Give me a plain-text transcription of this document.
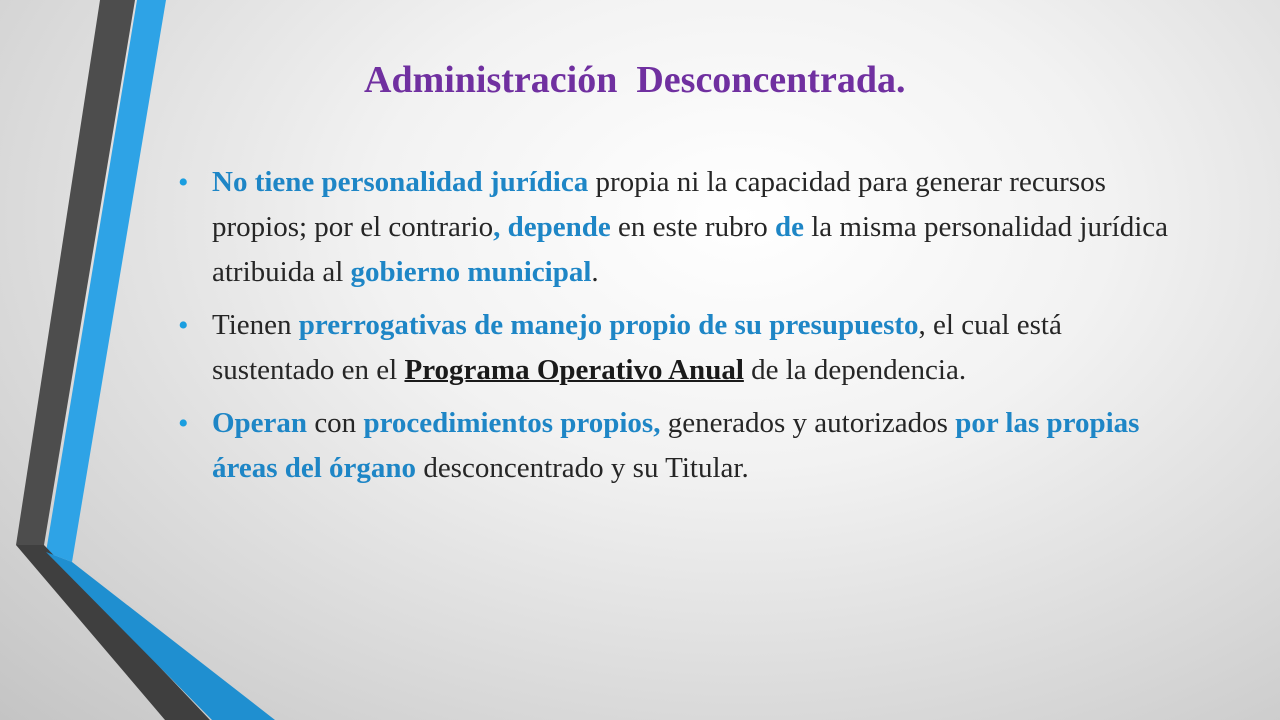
Administración  Desconcentrada.
• No tiene personalidad jurídica propia ni la capacidad para generar recursos propios; por el contrario, depende en este rubro de la misma personalidad jurídica atribuida al gobierno municipal.
• Tienen prerrogativas de manejo propio de su presupuesto, el cual está sustentado en el Programa Operativo Anual de la dependencia.
• Operan con procedimientos propios, generados y autorizados por las propias áreas del órgano desconcentrado y su Titular.
